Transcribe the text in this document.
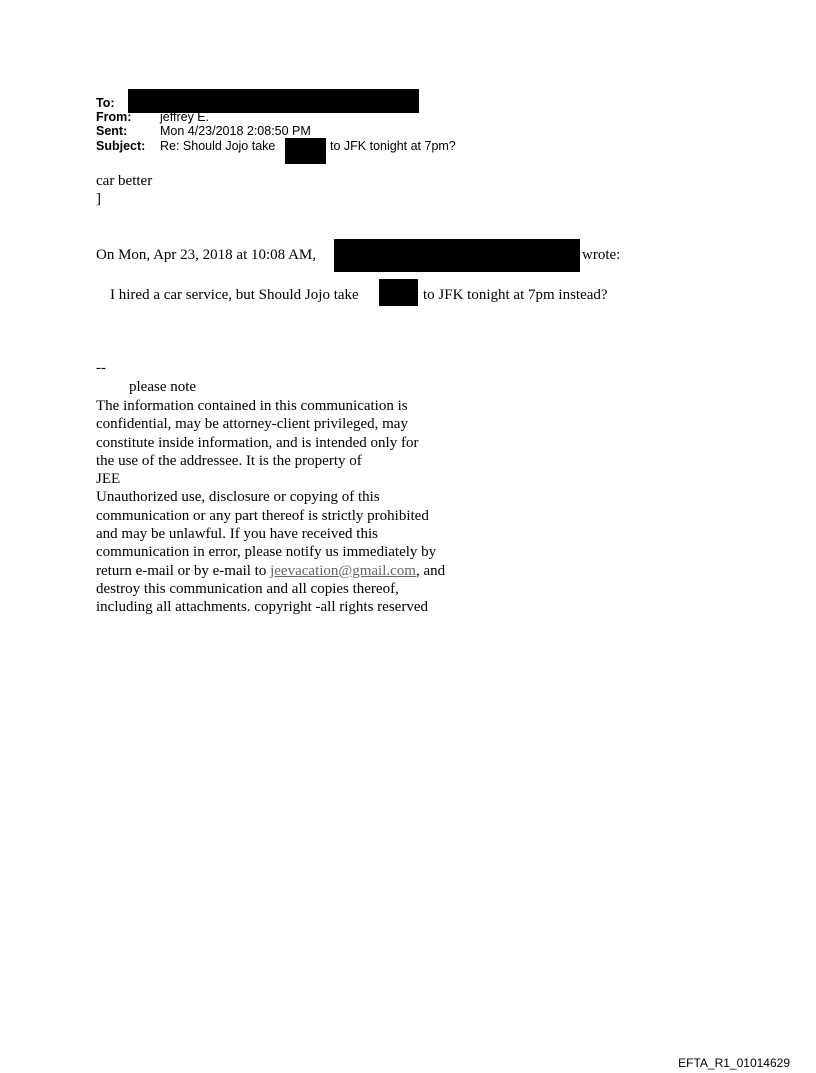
To:
From: jeffrey E.
Sent:	Mon 4/23/2018 2:08:50 PM
Subject: Re: Should Jojo take	to JFK tonight at 7pm?
car better
]
On Mon, Apr 23, 2018 at 10:08 AM,	wrote:
I hired a car service, but Should Jojo take	to JFK tonight at 7pm instead?
--
please note
The information contained in this communication is
confidential, may be attorney-client privileged, may
constitute inside information, and is intended only for
the use of the addressee. It is the property of
JEE
Unauthorized use, disclosure or copying of this
communication or any part thereof is strictly prohibited
and may be unlawful. If you have received this
communication in error, please notify us immediately by
return e-mail or by e-mail to jeevacation@gmail.com, and
destroy this communication and all copies thereof,
including all attachments. copyright -all rights reserved
EFTA_R1_01014629
